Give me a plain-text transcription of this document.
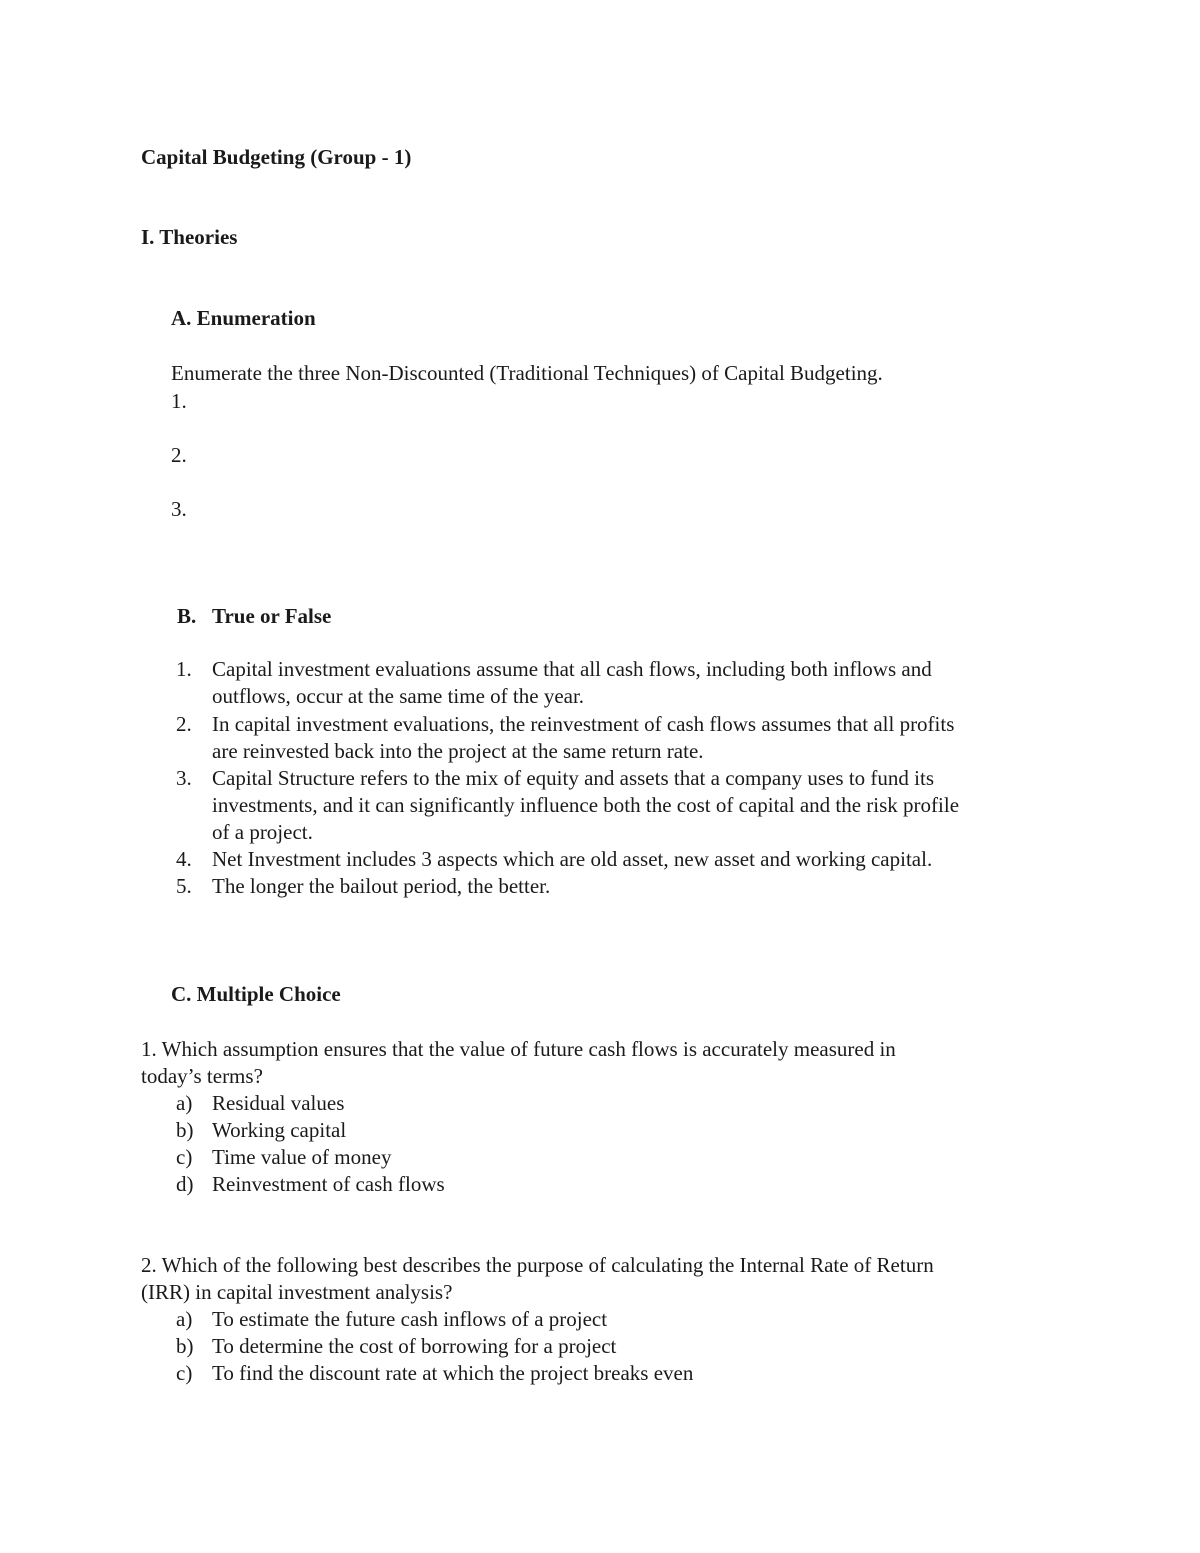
Capital Budgeting (Group - 1)

I. Theories

A. Enumeration

Enumerate the three Non-Discounted (Traditional Techniques) of Capital Budgeting.

1.

2.

3.

B. True or False

1. Capital investment evaluations assume that all cash flows, including both inflows and

outflows, occur at the same time of the year.

2. In capital investment evaluations, the reinvestment of cash flows assumes that all profits

are reinvested back into the project at the same return rate.

3. Capital Structure refers to the mix of equity and assets that a company uses to fund its

investments, and it can significantly influence both the cost of capital and the risk profile

of a project.

4. Net Investment includes 3 aspects which are old asset, new asset and working capital.

5. The longer the bailout period, the better.

C. Multiple Choice

1. Which assumption ensures that the value of future cash flows is accurately measured in

today’s terms?

a) Residual values

b) Working capital

c) Time value of money

d) Reinvestment of cash flows

2. Which of the following best describes the purpose of calculating the Internal Rate of Return

(IRR) in capital investment analysis?

a) To estimate the future cash inflows of a project

b) To determine the cost of borrowing for a project

c) To find the discount rate at which the project breaks even
